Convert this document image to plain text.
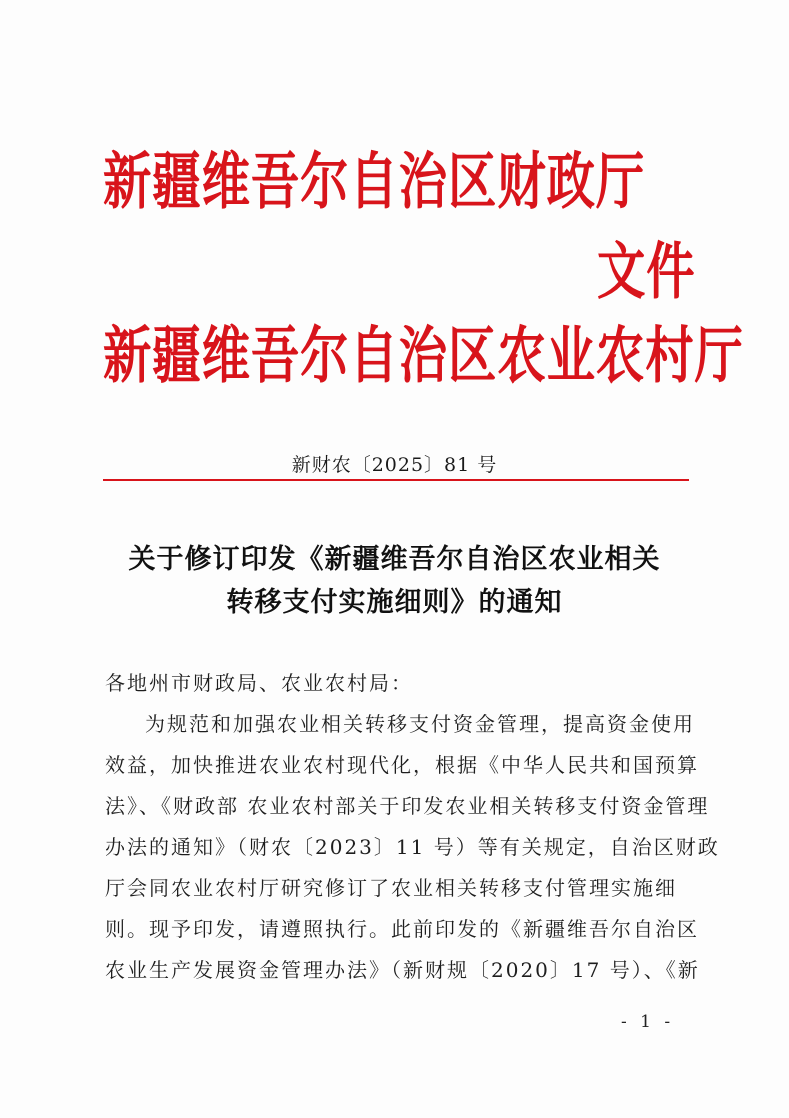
新疆维吾尔自治区财政厅
文件
新疆维吾尔自治区农业农村厅
新财农〔2025〕81 号
关于修订印发《新疆维吾尔自治区农业相关
转移支付实施细则》的通知
各地州市财政局、农业农村局：
为规范和加强农业相关转移支付资金管理，提高资金使用
效益，加快推进农业农村现代化，根据《中华人民共和国预算
法》、《财政部 农业农村部关于印发农业相关转移支付资金管理
办法的通知》（财农〔2023〕11 号）等有关规定，自治区财政
厅会同农业农村厅研究修订了农业相关转移支付管理实施细
则。现予印发，请遵照执行。此前印发的《新疆维吾尔自治区
农业生产发展资金管理办法》（新财规〔2020〕17 号）、《新
- 1 -
